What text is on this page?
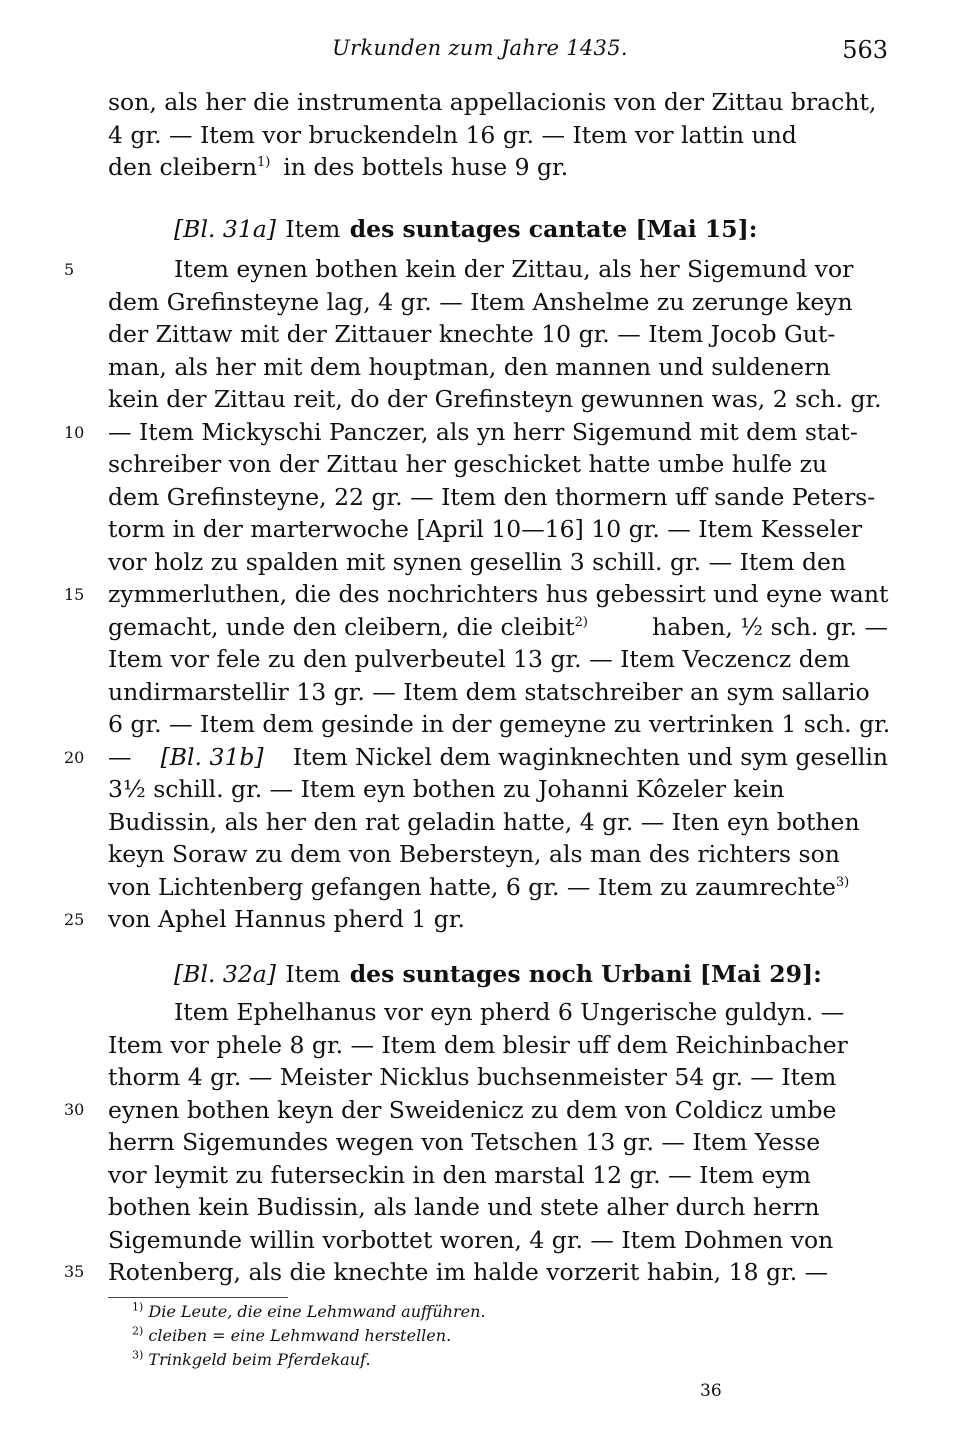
Urkunden zum Jahre 1435.	563
5
10
15
20
25
30
35
son, als her die instrumenta appellacionis von der Zittau bracht,
4 gr. — Item vor bruckendeln 16 gr. — Item vor lattin und
den cleibern$^{1)}$ in des bottels huse 9 gr.
[Bl. 31a] Item des suntages cantate [Mai 15]:
Item eynen bothen kein der Zittau, als her Sigemund vor
dem Grefinsteyne lag, 4 gr. — Item Anshelme zu zerunge keyn
der Zittaw mit der Zittauer knechte 10 gr. — Item Jocob Gut-
man, als her mit dem houptman, den mannen und suldenern
kein der Zittau reit, do der Grefinsteyn gewunnen was, 2 sch. gr.
— Item Mickyschi Panczer, als yn herr Sigemund mit dem stat-
schreiber von der Zittau her geschicket hatte umbe hulfe zu
dem Grefinsteyne, 22 gr. — Item den thormern uff sande Peters-
torm in der marterwoche [April 10—16] 10 gr. — Item Kesseler
vor holz zu spalden mit synen gesellin 3 schill. gr. — Item den
zymmerluthen, die des nochrichters hus gebessirt und eyne want
gemacht, unde den cleibern, die cleibit$^{2)}$	haben, ½ sch. gr. —
Item vor fele zu den pulverbeutel 13 gr. — Item Veczencz dem
undirmarstellir 13 gr. — Item dem statschreiber an sym sallario
6 gr. — Item dem gesinde in der gemeyne zu vertrinken 1 sch. gr.
— [Bl. 31b] Item Nickel dem waginknechten und sym gesellin
3½ schill. gr. — Item eyn bothen zu Johanni Kôzeler kein
Budissin, als her den rat geladin hatte, 4 gr. — Iten eyn bothen
keyn Soraw zu dem von Bebersteyn, als man des richters son
von Lichtenberg gefangen hatte, 6 gr. — Item zu zaumrechte$^{3)}$
von Aphel Hannus pherd 1 gr.
[Bl. 32a] Item des suntages noch Urbani [Mai 29]:
Item Ephelhanus vor eyn pherd 6 Ungerische guldyn. —
Item vor phele 8 gr. — Item dem blesir uff dem Reichinbacher
thorm 4 gr. — Meister Nicklus buchsenmeister 54 gr. — Item
eynen bothen keyn der Sweidenicz zu dem von Coldicz umbe
herrn Sigemundes wegen von Tetschen 13 gr. — Item Yesse
vor leymit zu futerseckin in den marstal 12 gr. — Item eym
bothen kein Budissin, als lande und stete alher durch herrn
Sigemunde willin vorbottet woren, 4 gr. — Item Dohmen von
Rotenberg, als die knechte im halde vorzerit habin, 18 gr. —
$^{1)}$ Die Leute, die eine Lehmwand aufführen.
$^{2)}$ cleiben = eine Lehmwand herstellen.
$^{3)}$ Trinkgeld beim Pferdekauf.
36
